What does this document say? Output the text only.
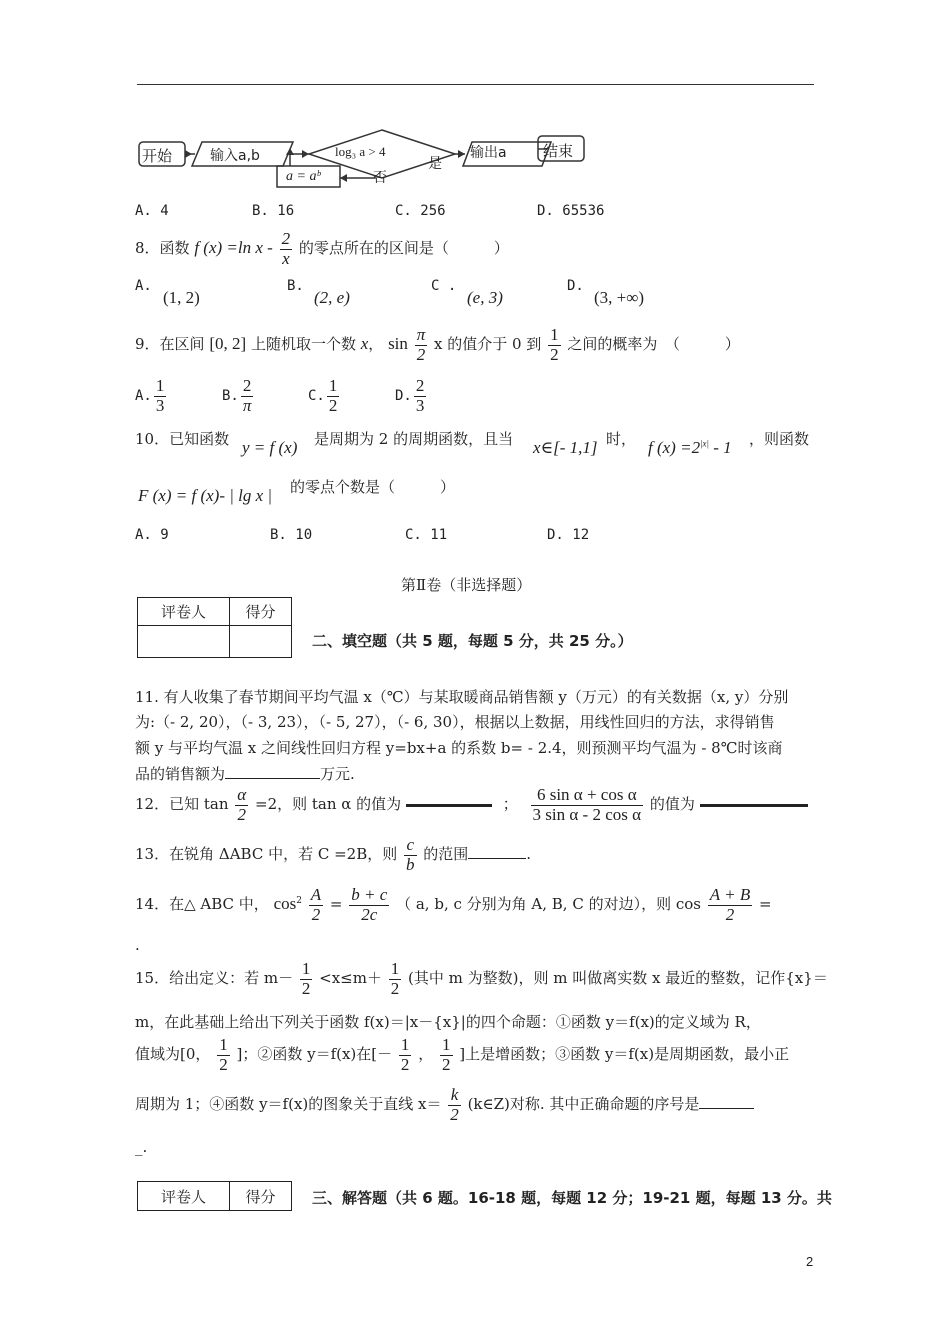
开始	输入a,b	log₃ a > 4
是
否
a = aᵇ
输出a 结束
A. 4	B. 16	C. 256	D. 65536
8．函数 f (x) =ln x - $\frac{2}{x}$ 的零点所在的区间是（　　　）
A.
(1, 2)
B.
(2, e)
C .
(e, 3)
D.
(3, +∞)
9．在区间 [0, 2] 上随机取一个数 x， $\sin \frac{\pi}{2}$ x 的值介于 0 到 $\frac{1}{2}$ 之间的概率为　（　　　）
A. $\frac{1}{3}$	B. $\frac{2}{\pi}$	C. $\frac{1}{2}$	D. $\frac{2}{3}$
10．已知函数 y = f (x) 是周期为 2 的周期函数，且当 x∈[- 1,1] 时， f $(x) =2^{|x|} - 1$ ，则函数
F (x) = f (x)- | lg x | 的零点个数是（　　　）
A. 9	B. 10	C. 11	D. 12
第Ⅱ卷（非选择题）
评卷人	得分

二、填空题（共 5 题，每题 5 分，共 25 分。）
11. 有人收集了春节期间平均气温 x（℃）与某取暖商品销售额 y（万元）的有关数据（x, y）分别
为:（- 2, 20），（- 3, 23），（- 5, 27），（- 6, 30），根据以上数据，用线性回归的方法，求得销售
额 y 与平均气温 x 之间线性回归方程 y=bx+a 的系数 b= - 2.4，则预测平均气温为 - 8℃时该商
品的销售额为	万元.
12．已知 $\tan \frac{\alpha}{2} =2$，则 tan α 的值为	； $\frac{\text{6 sin α + cos α}}{\text{3 sin α - 2 cos α}}$ 的值为
13．在锐角 ΔABC 中，若 C =2B，则 $\frac{c}{b}$ 的范围	.
14．在△ ABC 中， $\cos^2 \frac{A}{2} = \frac{b + c}{2c}$ （ a, b, c 分别为角 A, B, C 的对边），则 $\cos \frac{A + B}{2}$ =
.
15．给出定义：若 $m- \frac{1}{2} <x\le m+ \frac{1}{2}$ (其中 m 为整数)，则 m 叫做离实数 x 最近的整数，记作{x}＝
m，在此基础上给出下列关于函数 f(x)＝|x－{x}|的四个命题：①函数 y＝f(x)的定义域为 R，
值域为[0， $\frac{1}{2}$ ]；②函数 y＝f(x)在[－ $\frac{1}{2}$ ， $\frac{1}{2}$ ]上是增函数；③函数 y＝f(x)是周期函数，最小正
周期为 1；④函数 y＝f(x)的图象关于直线 $x= \frac{k}{2}$ (k∈Z)对称. 其中正确命题的序号是
_.
评卷人	得分 三、解答题（共 6 题。16-18 题，每题 12 分；19-21 题，每题 13 分。共
2
